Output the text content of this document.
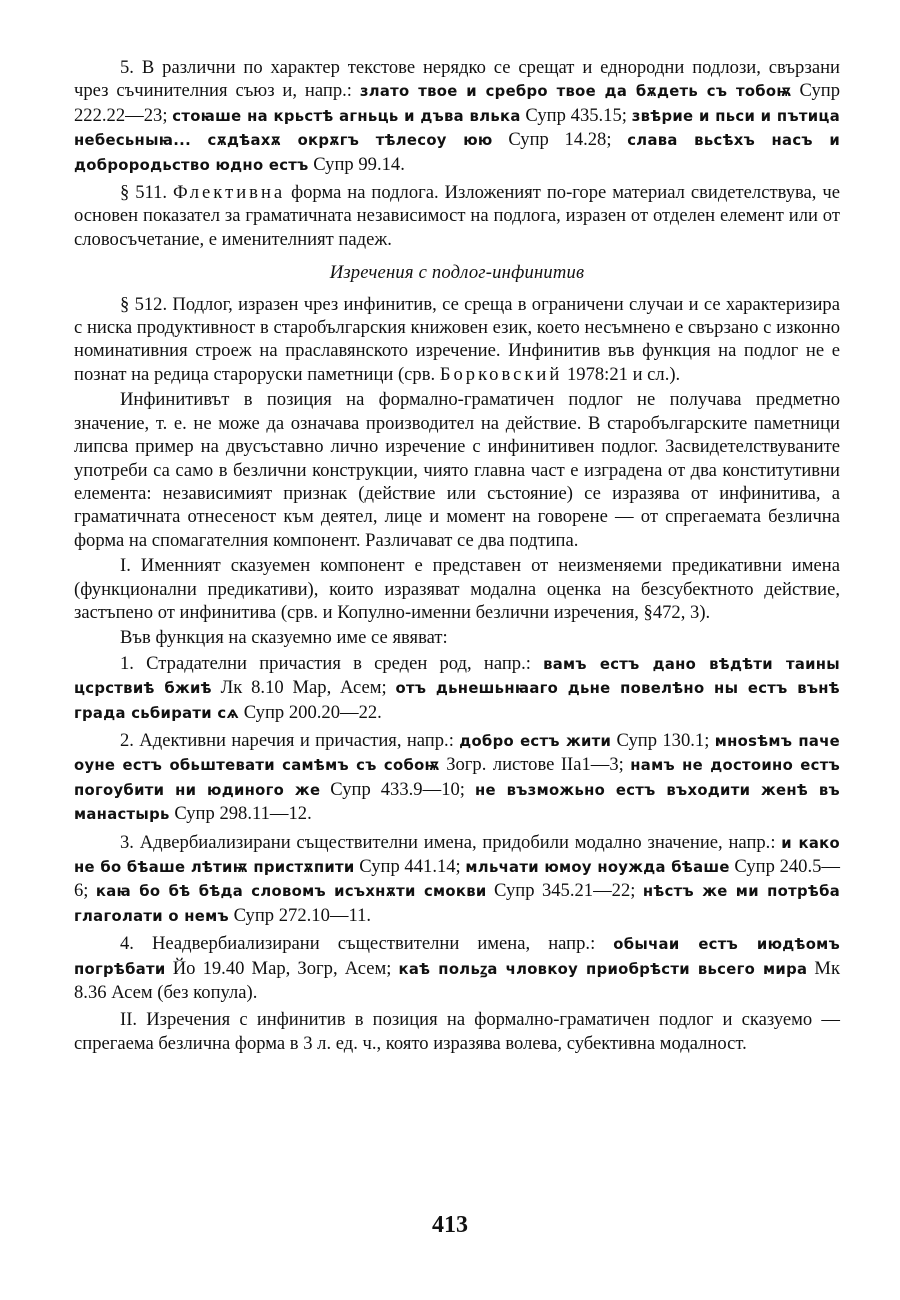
5. В различни по характер текстове нерядко се срещат и еднородни подлози, свързани чрез съчинителния съюз и, напр.: злато твое и сребро твое да бѫдеть съ тобоѭ Супр 222.22—23; стоꙗше на крьстѣ агньць и дъва влька Супр 435.15; звѣрие и пьси и пътица небесьныꙗ... сѫдѣахѫ окрѫгъ тѣлесоу юю Супр 14.28; слава вьсѣхъ насъ и доброродьство юдно естъ Супр 99.14.

§ 511. Флективна форма на подлога. Изложеният по-горе материал свидетелствува, че основен показател за граматичната независимост на подлога, изразен от отделен елемент или от словосъчетание, е именителният падеж.

Изречения с подлог-инфинитив

§ 512. Подлог, изразен чрез инфинитив, се среща в ограничени случаи и се характеризира с ниска продуктивност в старобългарския книжовен език, което несъмнено е свързано с изконно номинативния строеж на праславянското изречение. Инфинитив във функция на подлог не е познат на редица староруски паметници (срв. Борковский 1978:21 и сл.).

Инфинитивът в позиция на формално-граматичен подлог не получава предметно значение, т. е. не може да означава производител на действие. В старобългарските паметници липсва пример на двусъставно лично изречение с инфинитивен подлог. Засвидетелствуваните употреби са само в безлични конструкции, чиято главна част е изградена от два конститутивни елемента: независимият признак (действие или състояние) се изразява от инфинитива, а граматичната отнесеност към деятел, лице и момент на говорене — от спрегаемата безлична форма на спомагателния компонент. Различават се два подтипа.

I. Именният сказуемен компонент е представен от неизменяеми предикативни имена (функционални предикативи), които изразяват модална оценка на безсубектното действие, застъпено от инфинитива (срв. и Копулно-именни безлични изречения, §472, 3).

Във функция на сказуемно име се явяват:

1. Страдателни причастия в среден род, напр.: вамъ естъ дано вѣдѣти таины цсрствиѣ бжиѣ Лк 8.10 Мар, Асем; отъ дьнешьнꙗаго дьне повелѣно ны естъ вънѣ града сьбирати сѧ Супр 200.20—22.

2. Адективни наречия и причастия, напр.: добро естъ жити Супр 130.1; мноѕѣмъ паче оуне естъ обьштевати самѣмъ съ собоѭ Зогр. листове IIa1—3; намъ не достоино естъ погоубити ни юдиного же Супр 433.9—10; не възможьно естъ въходити женѣ въ манастырь Супр 298.11—12.

3. Адвербиализирани съществителни имена, придобили модално значение, напр.: и како не бо бѣаше лѣтиѭ пристѫпити Супр 441.14; мльчати юмоу ноужда бѣаше Супр 240.5—6; каꙗ бо бѣ бѣда словомъ исъхнѫти смокви Супр 345.21—22; нѣстъ же ми потрѣба глаголати о немъ Супр 272.10—11.

4. Неадвербиализирани съществителни имена, напр.: обычаи естъ июдѣомъ погрѣбати Йо 19.40 Мар, Зогр, Асем; каѣ польꙁа чловкоу приобрѣсти вьсего мира Мк 8.36 Асем (без копула).

II. Изречения с инфинитив в позиция на формално-граматичен подлог и сказуемо — спрегаема безлична форма в 3 л. ед. ч., която изразява волева, субективна модалност.

413
